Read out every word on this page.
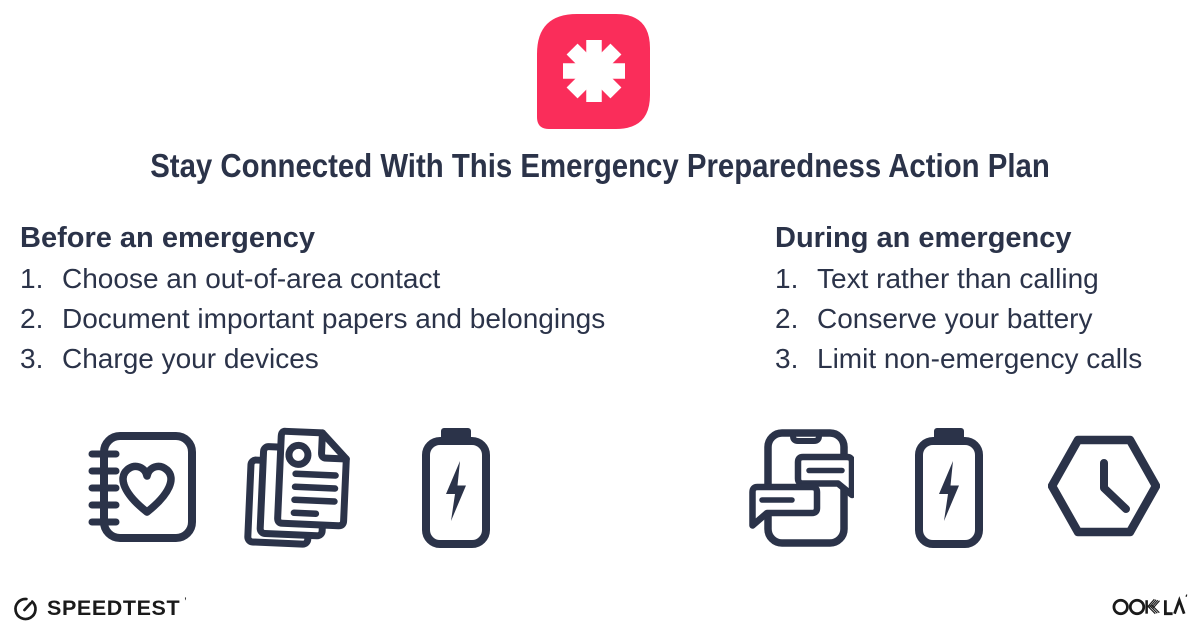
Stay Connected With This Emergency Preparedness Action Plan
Before an emergency
1. Choose an out-of-area contact
2. Document important papers and belongings
3. Charge your devices
During an emergency
1. Text rather than calling
2. Conserve your battery
3. Limit non-emergency calls
SPEEDTEST ’
